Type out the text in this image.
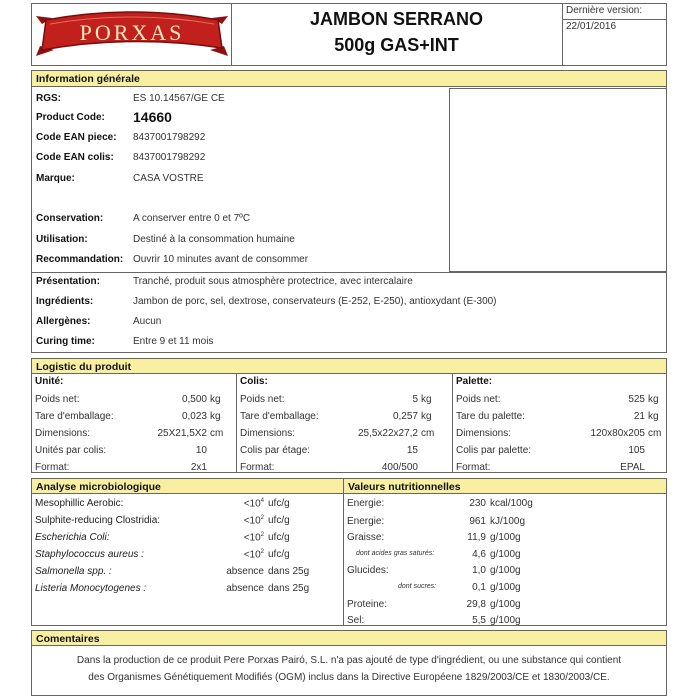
PORXAS
JAMBON SERRANO
500g GAS+INT
Dernière version:
22/01/2016
Information générale
RGS:	ES 10.14567/GE CE
Product Code: 14660
Code EAN piece: 8437001798292
Code EAN colis: 8437001798292
Marque:	CASA VOSTRE
Conservation:	A conserver entre 0 et 7ºC
Utilisation:	Destiné à la consommation humaine
Recommandation: Ouvrir 10 minutes avant de consommer
Présentation:	Tranché, produit sous atmosphère protectrice, avec intercalaire
Ingrédients:	Jambon de porc, sel, dextrose, conservateurs (E-252, E-250), antioxydant (E-300)
Allergènes:	Aucun
Curing time:	Entre 9 et 11 mois
Logistic du produit
Unité:
Poids net:	0,500 kg
Tare d'emballage:	0,023 kg
Dimensions:	25X21,5X2 cm
Unités par colis:	10
Format:	2x1
Colis:
Poids net:	5 kg
Tare d'emballage:	0,257 kg
Dimensions:	25,5x22x27,2 cm
Colis par étage:	15
Format:	400/500
Palette:
Poids net:	525 kg
Tare du palette:	21 kg
Dimensions:	120x80x205 cm
Colis par palette:	105
Format:	EPAL
Analyse microbiologique	Valeurs nutritionnelles
Mesophillic Aerobic:	$<10^4$ ufc/g
Sulphite-reducing Clostridia:	$<10^2$ ufc/g
Escherichia Coli:	$<10^2$ ufc/g
Staphylococcus aureus :	$<10^2$ ufc/g
Salmonella spp. :	absence dans 25g
Listeria Monocytogenes :	absence dans 25g
Energie:	230 kcal/100g
Energie:	961 kJ/100g
Graisse:	11,9 g/100g
dont acides gras saturés:	4,6 g/100g
Glucides:	1,0 g/100g
dont sucres:	0,1 g/100g
Proteine:	29,8 g/100g
Sel:	5,5 g/100g
Comentaires
Dans la production de ce produit Pere Porxas Pairó, S.L. n'a pas ajouté de type d'ingrédient, ou une substance qui contient
des Organismes Génétiquement Modifiés (OGM) inclus dans la Directive Européene 1829/2003/CE et 1830/2003/CE.
